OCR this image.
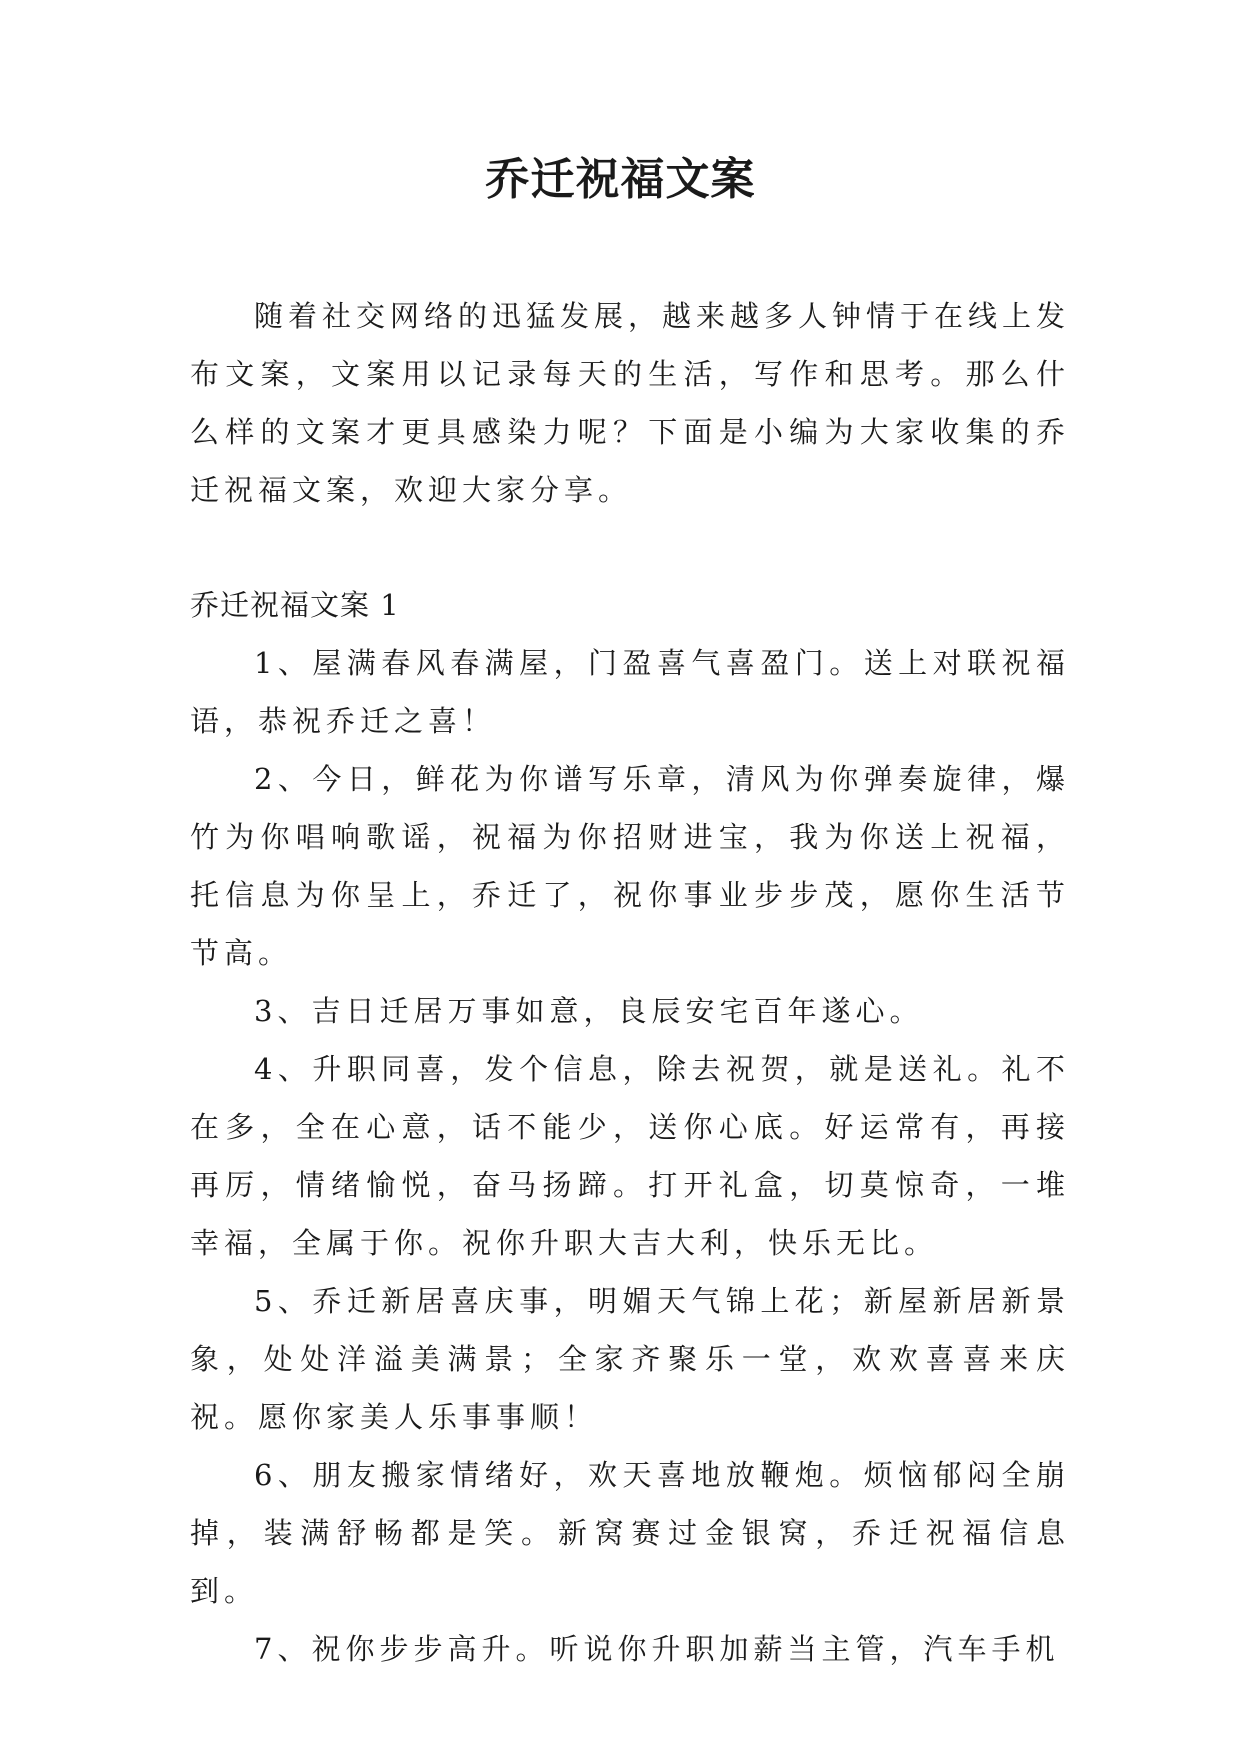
乔迁祝福文案

随着社交网络的迅猛发展，越来越多人钟情于在线上发布文案，文案用以记录每天的生活，写作和思考。那么什么样的文案才更具感染力呢？下面是小编为大家收集的乔迁祝福文案，欢迎大家分享。

乔迁祝福文案 1

1、屋满春风春满屋，门盈喜气喜盈门。送上对联祝福语，恭祝乔迁之喜！

2、今日，鲜花为你谱写乐章，清风为你弹奏旋律，爆竹为你唱响歌谣，祝福为你招财进宝，我为你送上祝福，托信息为你呈上，乔迁了，祝你事业步步茂，愿你生活节节高。

3、吉日迁居万事如意，良辰安宅百年遂心。

4、升职同喜，发个信息，除去祝贺，就是送礼。礼不在多，全在心意，话不能少，送你心底。好运常有，再接再厉，情绪愉悦，奋马扬蹄。打开礼盒，切莫惊奇，一堆幸福，全属于你。祝你升职大吉大利，快乐无比。

5、乔迁新居喜庆事，明媚天气锦上花；新屋新居新景象，处处洋溢美满景；全家齐聚乐一堂，欢欢喜喜来庆祝。愿你家美人乐事事顺！

6、朋友搬家情绪好，欢天喜地放鞭炮。烦恼郁闷全崩掉，装满舒畅都是笑。新窝赛过金银窝，乔迁祝福信息到。

7、祝你步步高升。听说你升职加薪当主管，汽车手机
